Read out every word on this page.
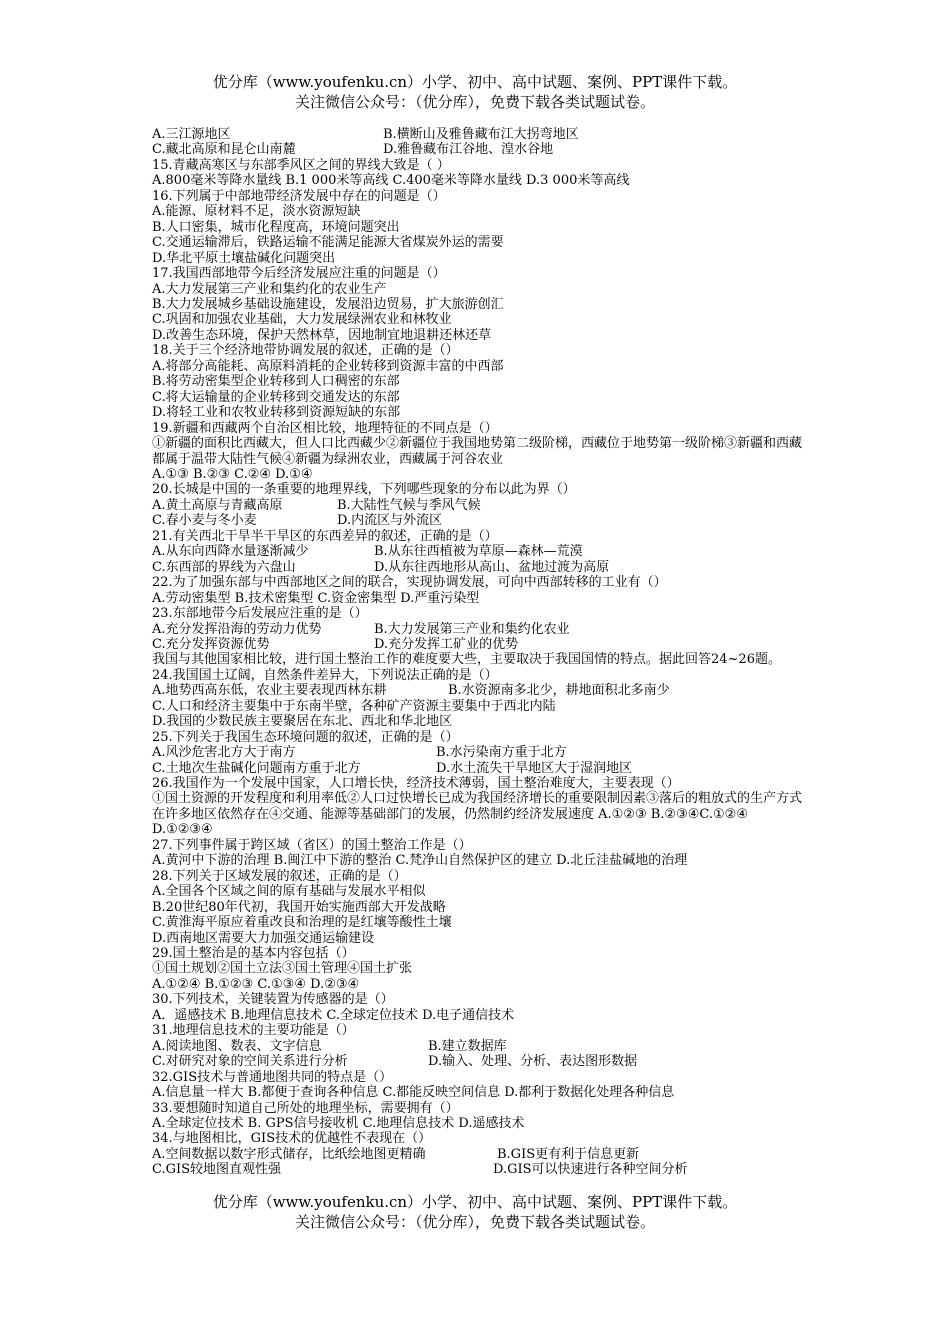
优分库（www.youfenku.cn）小学、初中、高中试题、案例、PPT课件下载。
关注微信公众号：（优分库），免费下载各类试题试卷。
A.三江源地区	B.横断山及雅鲁藏布江大拐弯地区
C.藏北高原和昆仑山南麓	D.雅鲁藏布江谷地、湟水谷地
15.青藏高寒区与东部季风区之间的界线大致是（ ）
A.800毫米等降水量线 B.1 000米等高线 C.400毫米等降水量线 D.3 000米等高线
16.下列属于中部地带经济发展中存在的问题是（）
A.能源、原材料不足，淡水资源短缺
B.人口密集，城市化程度高，环境问题突出
C.交通运输滞后，铁路运输不能满足能源大省煤炭外运的需要
D.华北平原土壤盐碱化问题突出
17.我国西部地带今后经济发展应注重的问题是（）
A.大力发展第三产业和集约化的农业生产
B.大力发展城乡基础设施建设，发展沿边贸易，扩大旅游创汇
C.巩固和加强农业基础，大力发展绿洲农业和林牧业
D.改善生态环境，保护天然林草，因地制宜地退耕还林还草
18.关于三个经济地带协调发展的叙述，正确的是（）
A.将部分高能耗、高原料消耗的企业转移到资源丰富的中西部
B.将劳动密集型企业转移到人口稠密的东部
C.将大运输量的企业转移到交通发达的东部
D.将轻工业和农牧业转移到资源短缺的东部
19.新疆和西藏两个自治区相比较，地理特征的不同点是（）
①新疆的面积比西藏大，但人口比西藏少②新疆位于我国地势第二级阶梯，西藏位于地势第一级阶梯③新疆和西藏都属于温带大陆性气候④新疆为绿洲农业，西藏属于河谷农业
A.①③ B.②③ C.②④ D.①④
20.长城是中国的一条重要的地理界线，下列哪些现象的分布以此为界（）
A.黄土高原与青藏高原	B.大陆性气候与季风气候
C.春小麦与冬小麦	D.内流区与外流区
21.有关西北干旱半干旱区的东西差异的叙述，正确的是（）
A.从东向西降水量逐渐减少	B.从东往西植被为草原—森林—荒漠
C.东西部的界线为六盘山	D.从东往西地形从高山、盆地过渡为高原
22.为了加强东部与中西部地区之间的联合，实现协调发展，可向中西部转移的工业有（）
A.劳动密集型 B.技术密集型 C.资金密集型 D.严重污染型
23.东部地带今后发展应注重的是（）
A.充分发挥沿海的劳动力优势	B.大力发展第三产业和集约化农业
C.充分发挥资源优势	D.充分发挥工矿业的优势
我国与其他国家相比较，进行国土整治工作的难度要大些，主要取决于我国国情的特点。据此回答24~26题。
24.我国国土辽阔，自然条件差异大，下列说法正确的是（）
A.地势西高东低，农业主要表现西林东耕	B.水资源南多北少，耕地面积北多南少
C.人口和经济主要集中于东南半壁，各种矿产资源主要集中于西北内陆
D.我国的少数民族主要聚居在东北、西北和华北地区
25.下列关于我国生态环境问题的叙述，正确的是（）
A.风沙危害北方大于南方	B.水污染南方重于北方
C.土地次生盐碱化问题南方重于北方	D.水土流失干旱地区大于湿润地区
26.我国作为一个发展中国家，人口增长快，经济技术薄弱，国土整治难度大，主要表现（）
①国土资源的开发程度和利用率低②人口过快增长已成为我国经济增长的重要限制因素③落后的粗放式的生产方式在许多地区依然存在④交通、能源等基础部门的发展，仍然制约经济发展速度 A.①②③ B.②③④C.①②④ D.①②③④
27.下列事件属于跨区域（省区）的国土整治工作是（）
A.黄河中下游的治理 B.闽江中下游的整治 C.梵净山自然保护区的建立 D.北丘洼盐碱地的治理
28.下列关于区域发展的叙述，正确的是（）
A.全国各个区域之间的原有基础与发展水平相似
B.20世纪80年代初，我国开始实施西部大开发战略
C.黄淮海平原应着重改良和治理的是红壤等酸性土壤
D.西南地区需要大力加强交通运输建设
29.国土整治是的基本内容包括（）
①国土规划②国土立法③国土管理④国土扩张
A.①②④ B.①②③ C.①③④ D.②③④
30.下列技术，关键装置为传感器的是（）
A．遥感技术 B.地理信息技术 C.全球定位技术 D.电子通信技术
31.地理信息技术的主要功能是（）
A.阅读地图、数表、文字信息	B.建立数据库
C.对研究对象的空间关系进行分析	D.输入、处理、分析、表达图形数据
32.GIS技术与普通地图共同的特点是（）
A.信息量一样大 B.都便于查询各种信息 C.都能反映空间信息 D.都利于数据化处理各种信息
33.要想随时知道自己所处的地理坐标，需要拥有（）
A.全球定位技术 B. GPS信号接收机 C.地理信息技术 D.遥感技术
34.与地图相比，GIS技术的优越性不表现在（）
A.空间数据以数字形式储存，比纸绘地图更精确	B.GIS更有利于信息更新
C.GIS较地图直观性强	D.GIS可以快速进行各种空间分析
优分库（www.youfenku.cn）小学、初中、高中试题、案例、PPT课件下载。
关注微信公众号：（优分库），免费下载各类试题试卷。
